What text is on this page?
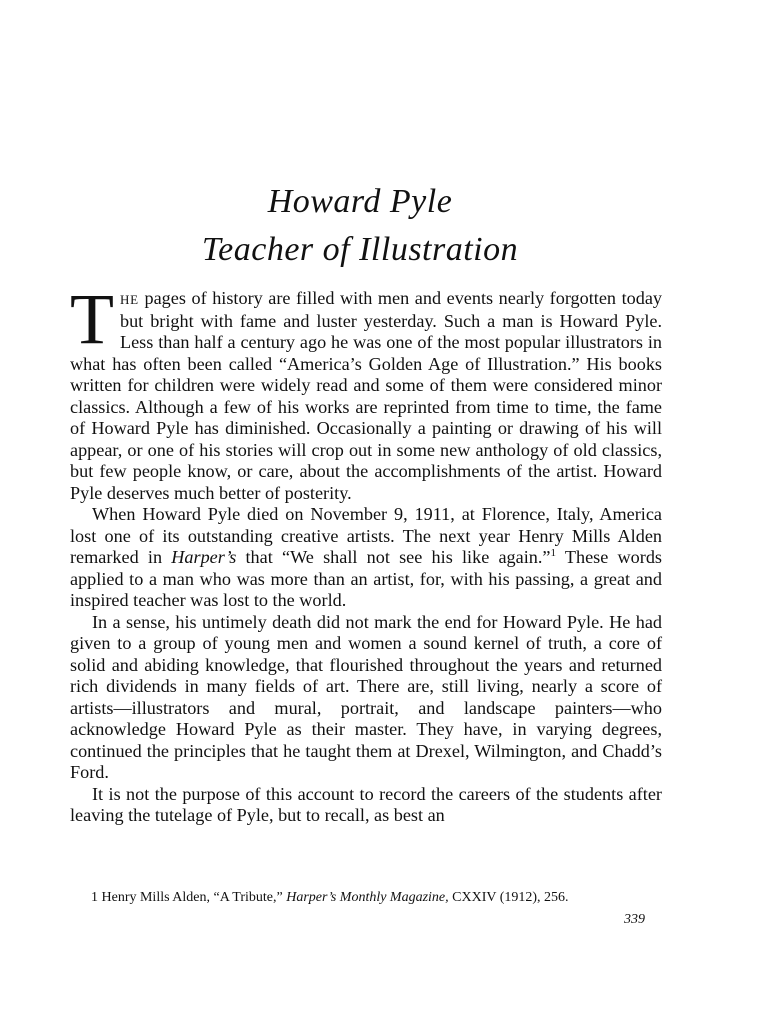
Howard Pyle
Teacher of Illustration

THE pages of history are filled with men and events nearly forgotten today but bright with fame and luster yesterday. Such a man is Howard Pyle. Less than half a century ago he was one of the most popular illustrators in what has often been called “America’s Golden Age of Illustration.” His books written for children were widely read and some of them were considered minor classics. Although a few of his works are reprinted from time to time, the fame of Howard Pyle has diminished. Occasionally a painting or drawing of his will appear, or one of his stories will crop out in some new anthology of old classics, but few people know, or care, about the accomplishments of the artist. Howard Pyle deserves much better of posterity.

When Howard Pyle died on November 9, 1911, at Florence, Italy, America lost one of its outstanding creative artists. The next year Henry Mills Alden remarked in Harper’s that “We shall not see his like again.”$^1$ These words applied to a man who was more than an artist, for, with his passing, a great and inspired teacher was lost to the world.

In a sense, his untimely death did not mark the end for Howard Pyle. He had given to a group of young men and women a sound kernel of truth, a core of solid and abiding knowledge, that flourished throughout the years and returned rich dividends in many fields of art. There are, still living, nearly a score of artists—illustrators and mural, portrait, and landscape painters—who acknowledge Howard Pyle as their master. They have, in varying degrees, continued the principles that he taught them at Drexel, Wilmington, and Chadd’s Ford.

It is not the purpose of this account to record the careers of the students after leaving the tutelage of Pyle, but to recall, as best an

1 Henry Mills Alden, “A Tribute,” Harper’s Monthly Magazine, CXXIV (1912), 256.
339
